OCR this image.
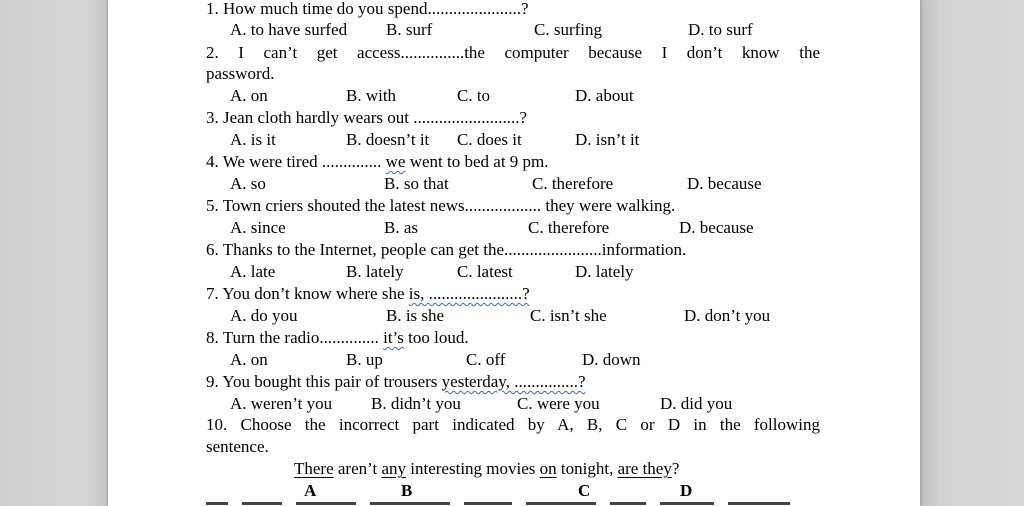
1. How much time do you spend......................?
A. to have surfed B. surf	C. surfing	D. to surf
2. I can’t get access...............the computer because I don’t know the
password.
A. on	B. with	C. to	D. about
3. Jean cloth hardly wears out .........................?
A. is it	B. doesn’t it C. does it	D. isn’t it
4. We were tired .............. we went to bed at 9 pm.
A. so	B. so that	C. therefore	D. because
5. Town criers shouted the latest news.................. they were walking.
A. since	B. as	C. therefore	D. because
6. Thanks to the Internet, people can get the.......................information.
A. late	B. lately	C. latest	D. lately
7. You don’t know where she is, ......................?
A. do you	B. is she	C. isn’t she	D. don’t you
8. Turn the radio.............. it’s too loud.
A. on	B. up	C. off	D. down
9. You bought this pair of trousers yesterday, ...............?
A. weren’t you B. didn’t you	C. were you	D. did you
10. Choose the incorrect part indicated by A, B, C or D in the following
sentence.
There aren’t any interesting movies on tonight, are they?
A	B	C	D
